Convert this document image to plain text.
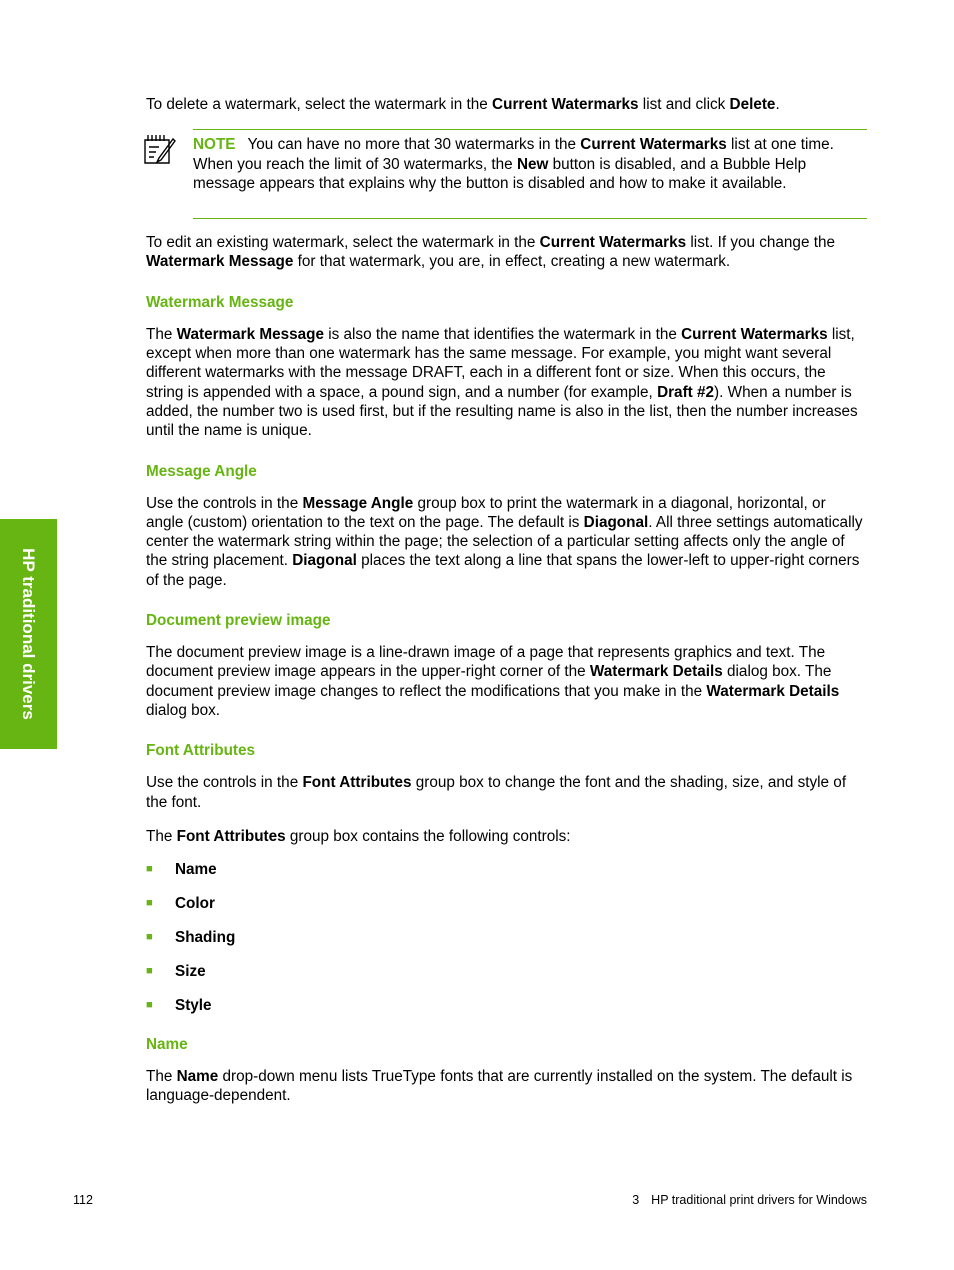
HP traditional drivers

To delete a watermark, select the watermark in the Current Watermarks list and click Delete.

NOTE You can have no more that 30 watermarks in the Current Watermarks list at one time. When you reach the limit of 30 watermarks, the New button is disabled, and a Bubble Help message appears that explains why the button is disabled and how to make it available.

To edit an existing watermark, select the watermark in the Current Watermarks list. If you change the Watermark Message for that watermark, you are, in effect, creating a new watermark.

Watermark Message

The Watermark Message is also the name that identifies the watermark in the Current Watermarks list, except when more than one watermark has the same message. For example, you might want several different watermarks with the message DRAFT, each in a different font or size. When this occurs, the string is appended with a space, a pound sign, and a number (for example, Draft #2). When a number is added, the number two is used first, but if the resulting name is also in the list, then the number increases until the name is unique.

Message Angle

Use the controls in the Message Angle group box to print the watermark in a diagonal, horizontal, or angle (custom) orientation to the text on the page. The default is Diagonal. All three settings automatically center the watermark string within the page; the selection of a particular setting affects only the angle of the string placement. Diagonal places the text along a line that spans the lower-left to upper-right corners of the page.

Document preview image

The document preview image is a line-drawn image of a page that represents graphics and text. The document preview image appears in the upper-right corner of the Watermark Details dialog box. The document preview image changes to reflect the modifications that you make in the Watermark Details dialog box.

Font Attributes

Use the controls in the Font Attributes group box to change the font and the shading, size, and style of the font.

The Font Attributes group box contains the following controls:

■ Name
■ Color
■ Shading
■ Size
■ Style
Name

The Name drop-down menu lists TrueType fonts that are currently installed on the system. The default is language-dependent.

112	3 HP traditional print drivers for Windows
